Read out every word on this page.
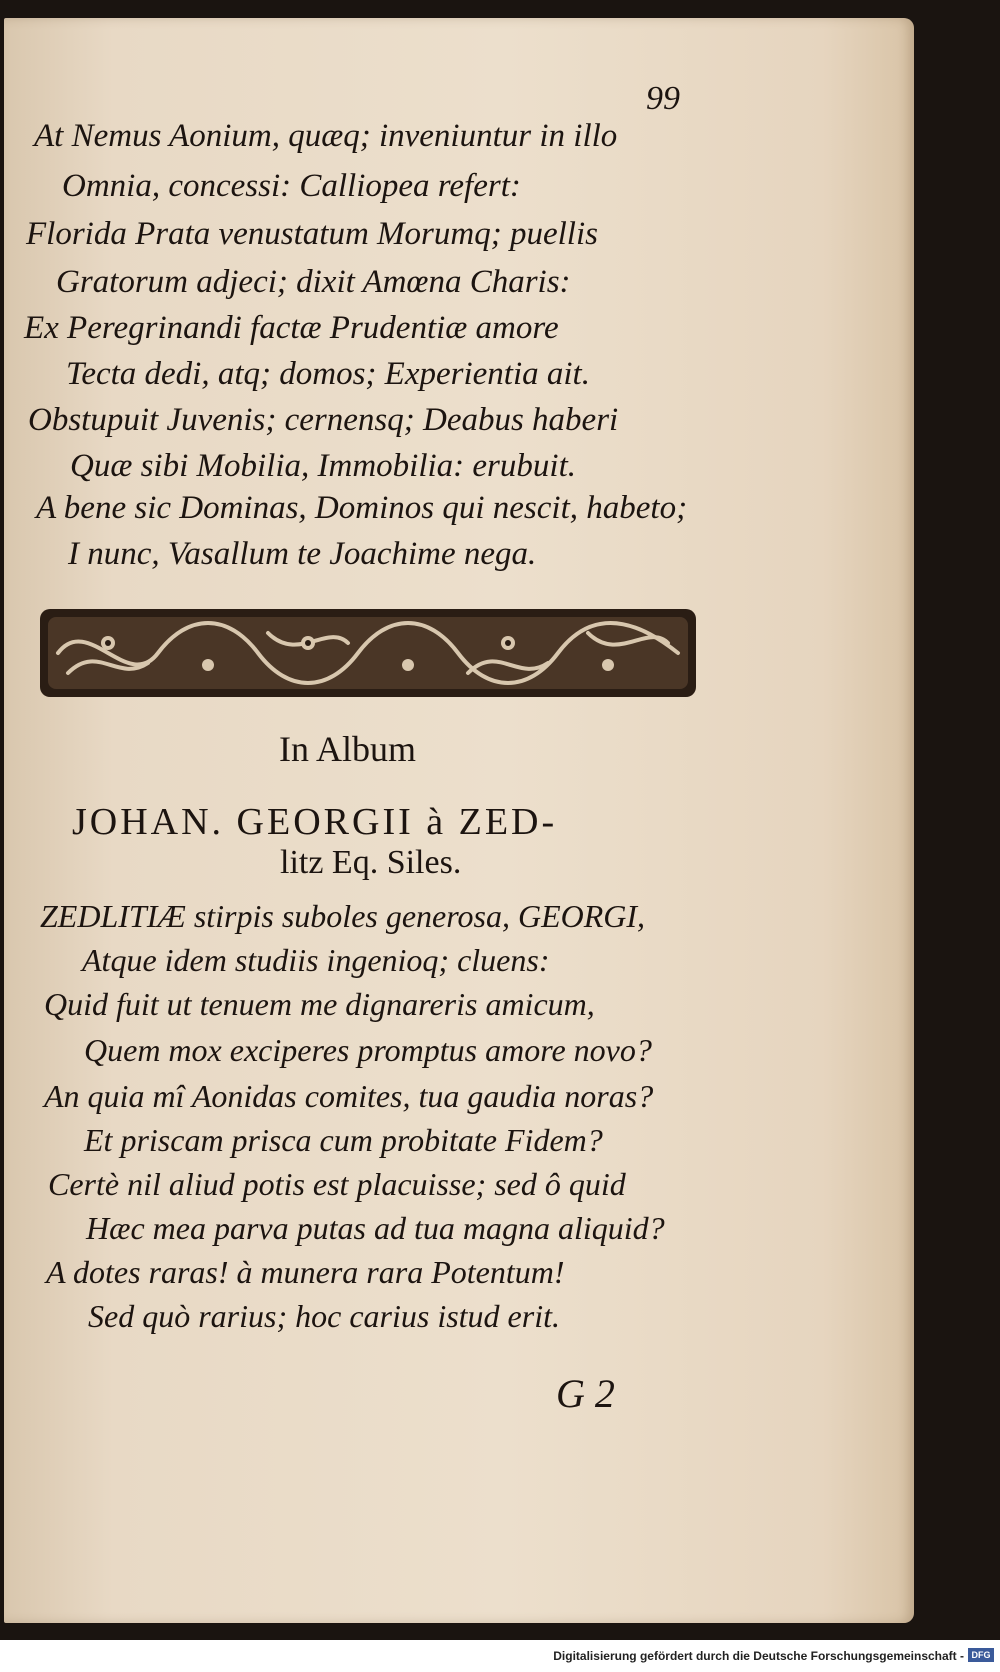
99

At Nemus Aonium, quæq; inveniuntur in illo

Omnia, concessi: Calliopea refert:

Florida Prata venustatum Morumq; puellis

Gratorum adjeci; dixit Amœna Charis:

Ex Peregrinandi factæ Prudentiæ amore

Tecta dedi, atq; domos; Experientia ait.

Obstupuit Juvenis; cernensq; Deabus haberi

Quæ sibi Mobilia, Immobilia: erubuit.

A bene sic Dominas, Dominos qui nescit, habeto;

I nunc, Vasallum te Joachime nega.

In Album

JOHAN. GEORGII à ZED-

litz Eq. Siles.

ZEDLITIÆ stirpis suboles generosa, GEORGI,

Atque idem studiis ingenioq; cluens:

Quid fuit ut tenuem me dignareris amicum,

Quem mox exciperes promptus amore novo?

An quia mî Aonidas comites, tua gaudia noras?

Et priscam prisca cum probitate Fidem?

Certè nil aliud potis est placuisse; sed ô quid

Hæc mea parva putas ad tua magna aliquid?

A dotes raras! à munera rara Potentum!

Sed quò rarius; hoc carius istud erit.

G 2

Digitalisierung gefördert durch die Deutsche Forschungsgemeinschaft - DFG
